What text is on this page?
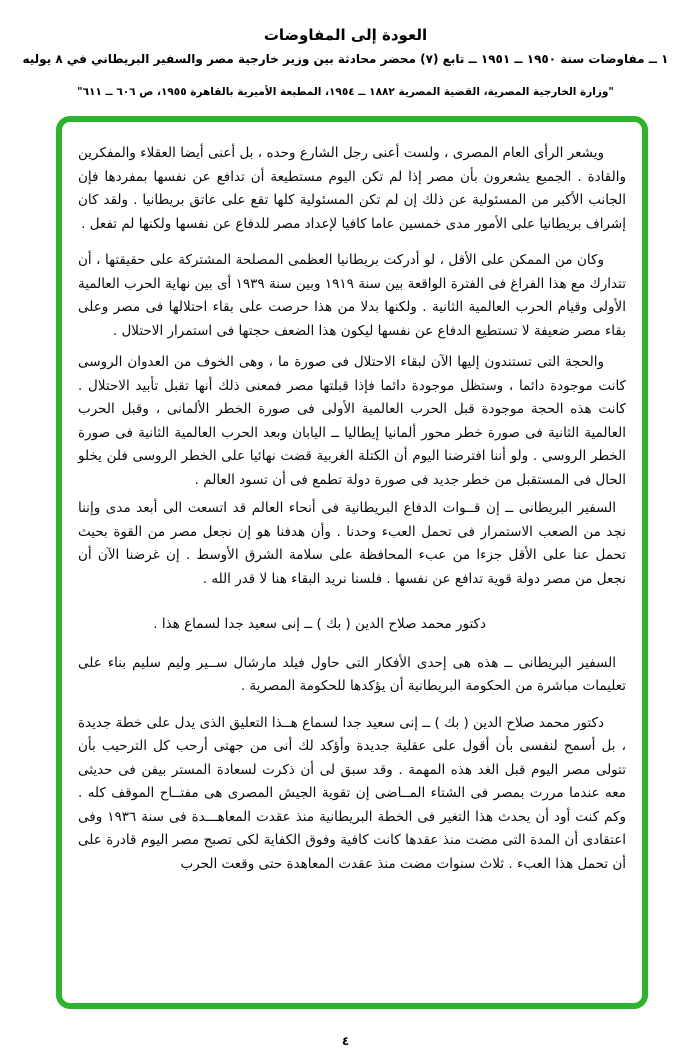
العودة إلى المفاوضات
١ ــ مفاوضات سنة ١٩٥٠ ــ ١٩٥١ ــ تابع (٧) محضر محادثة بين وزير خارجية مصر والسفير البريطاني في ٨ يوليه
"وزارة الخارجية المصرية، القضية المصرية ١٨٨٢ ــ ١٩٥٤، المطبعة الأميرية بالقاهرة ١٩٥٥، ص ٦٠٦ ــ ٦١١"

ويشعر الرأى العام المصرى ، ولست أعنى رجل الشارع وحده ، بل أعنى أيضا العقلاء والمفكرين والقادة . الجميع يشعرون بأن مصر إذا لم تكن اليوم مستطيعة أن تدافع عن نفسها بمفردها فإن الجانب الأكبر من المسئولية عن ذلك إن لم تكن المسئولية كلها تقع على عاتق بريطانيا . ولقد كان إشراف بريطانيا على الأمور مدى خمسين عاما كافيا لإعداد مصر للدفاع عن نفسها ولكنها لم تفعل .

وكان من الممكن على الأقل ، لو أدركت بريطانيا العظمى المصلحة المشتركة على حقيقتها ، أن تتدارك مع هذا الفراغ فى الفترة الواقعة بين سنة ١٩١٩ وبين سنة ١٩٣٩ أى بين نهاية الحرب العالمية الأولى وقيام الحرب العالمية الثانية . ولكنها بدلا من هذا حرصت على بقاء احتلالها فى مصر وعلى بقاء مصر ضعيفة لا تستطيع الدفاع عن نفسها ليكون هذا الضعف حجتها فى استمرار الاحتلال .

والحجة التى تستندون إليها الآن لبقاء الاحتلال فى صورة ما ، وهى الخوف من العدوان الروسى كانت موجودة دائما ، وستظل موجودة دائما فإذا قبلتها مصر فمعنى ذلك أنها تقبل تأبيد الاحتلال . كانت هذه الحجة موجودة قبل الحرب العالمية الأولى فى صورة الخطر الألمانى ، وقبل الحرب العالمية الثانية فى صورة خطر محور ألمانيا إيطاليا ــ اليابان وبعد الحرب العالمية الثانية فى صورة الخطر الروسى . ولو أننا افترضنا اليوم أن الكتلة الغربية قضت نهائيا على الخطر الروسى فلن يخلو الحال فى المستقبل من خطر جديد فى صورة دولة تطمع فى أن تسود العالم .

السفير البريطانى ــ إن قــوات الدفاع البريطانية فى أنحاء العالم قد اتسعت الى أبعد مدى وإننا نجد من الصعب الاستمرار فى تحمل العبء وحدنا . وأن هدفنا هو إن نجعل مصر من القوة بحيث تحمل عنا على الأقل جزءا من عبء المحافظة على سلامة الشرق الأوسط . إن غرضنا الآن أن نجعل من مصر دولة قوية تدافع عن نفسها . فلسنا نريد البقاء هنا لا قدر الله .

دكتور محمد صلاح الدين ( بك ) ــ إنى سعيد جدا لسماع هذا .

السفير البريطانى ــ هذه هى إحدى الأفكار التى حاول فيلد مارشال ســير وليم سليم بناء على تعليمات مباشرة من الحكومة البريطانية أن يؤكدها للحكومة المصرية .

دكتور محمد صلاح الدين ( بك ) ــ إنى سعيد جدا لسماع هــذا التعليق الذى يدل على خطة جديدة ، بل أسمح لنفسى بأن أقول على عقلية جديدة وأؤكد لك أنى من جهتى أرحب كل الترحيب بأن تتولى مصر اليوم قبل الغد هذه المهمة . وقد سبق لى أن ذكرت لسعادة المستر بيفن فى حديثى معه عندما مررت بمصر فى الشتاء المــاضى إن تقوية الجيش المصرى هى مفتــاح الموقف كله . وكم كنت أود أن يحدث هذا التغير فى الخطة البريطانية منذ عقدت المعاهـــدة فى سنة ١٩٣٦ وفى اعتقادى أن المدة التى مضت منذ عقدها كانت كافية وفوق الكفاية لكى تصبح مصر اليوم قادرة على أن تحمل هذا العبء . ثلاث سنوات مضت منذ عقدت المعاهدة حتى وقعت الحرب

٤
